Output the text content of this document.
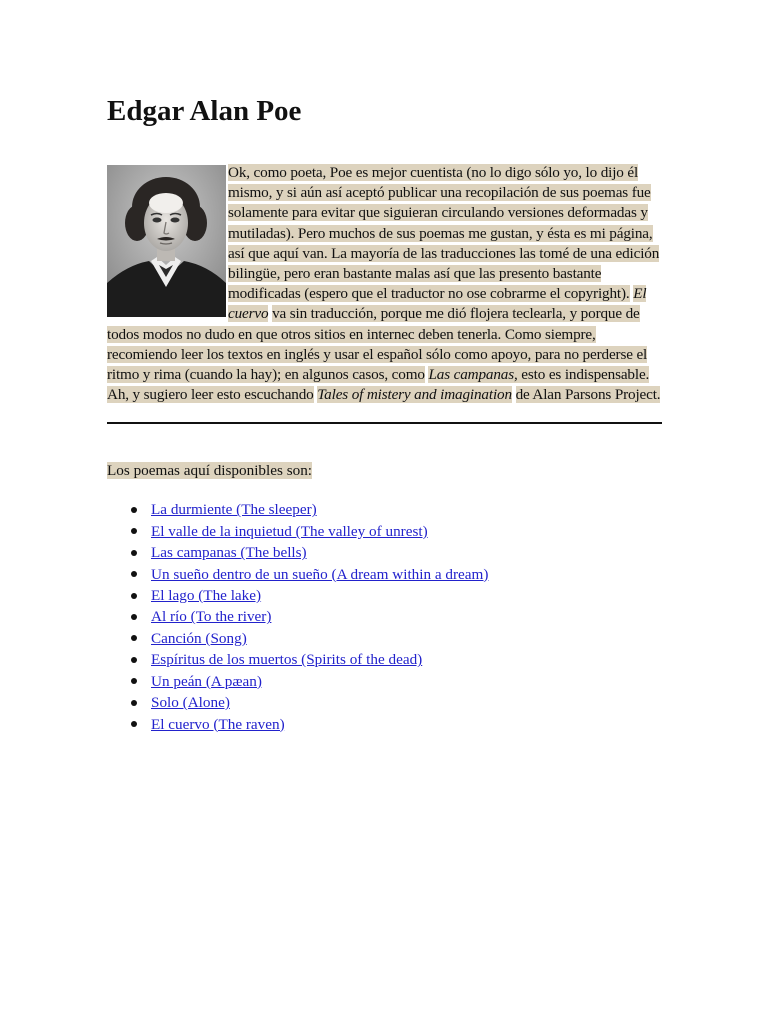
Edgar Alan Poe
Ok, como poeta, Poe es mejor cuentista (no lo digo sólo yo, lo dijo él mismo, y si aún así aceptó publicar una recopilación de sus poemas fue solamente para evitar que siguieran circulando versiones deformadas y mutiladas). Pero muchos de sus poemas me gustan, y ésta es mi página, así que aquí van. La mayoría de las traducciones las tomé de una edición bilingüe, pero eran bastante malas así que las presento bastante modificadas (espero que el traductor no ose cobrarme el copyright). El cuervo va sin traducción, porque me dió flojera teclearla, y porque de todos modos no dudo en que otros sitios en internec deben tenerla. Como siempre, recomiendo leer los textos en inglés y usar el español sólo como apoyo, para no perderse el ritmo y rima (cuando la hay); en algunos casos, como Las campanas, esto es indispensable. Ah, y sugiero leer esto escuchando Tales of mistery and imagination de Alan Parsons Project.
Los poemas aquí disponibles son:
La durmiente (The sleeper)
El valle de la inquietud (The valley of unrest)
Las campanas (The bells)
Un sueño dentro de un sueño (A dream within a dream)
El lago (The lake)
Al río (To the river)
Canción (Song)
Espíritus de los muertos (Spirits of the dead)
Un peán (A pæan)
Solo (Alone)
El cuervo (The raven)
